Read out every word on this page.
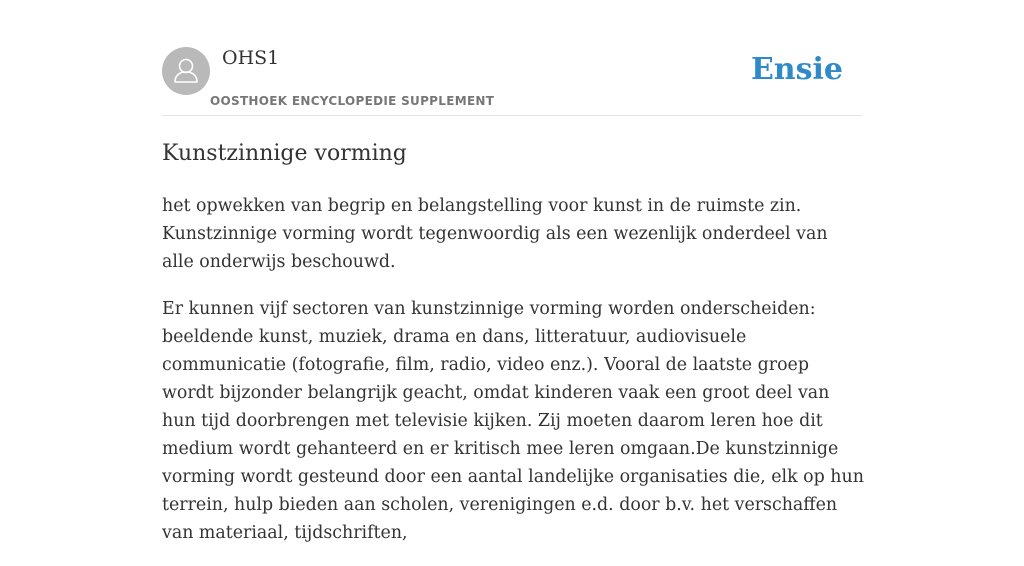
OHS1
OOSTHOEK ENCYCLOPEDIE SUPPLEMENT
Ensie
Kunstzinnige vorming

het opwekken van begrip en belangstelling voor kunst in de ruimste zin. Kunstzinnige vorming wordt tegenwoordig als een wezenlijk onderdeel van alle onderwijs beschouwd.

Er kunnen vijf sectoren van kunstzinnige vorming worden onderscheiden: beeldende kunst, muziek, drama en dans, litteratuur, audiovisuele communicatie (fotografie, film, radio, video enz.). Vooral de laatste groep wordt bijzonder belangrijk geacht, omdat kinderen vaak een groot deel van hun tijd doorbrengen met televisie kijken. Zij moeten daarom leren hoe dit medium wordt gehanteerd en er kritisch mee leren omgaan.De kunstzinnige vorming wordt gesteund door een aantal landelijke organisaties die, elk op hun terrein, hulp bieden aan scholen, verenigingen e.d. door b.v. het verschaffen van materiaal, tijdschriften,
